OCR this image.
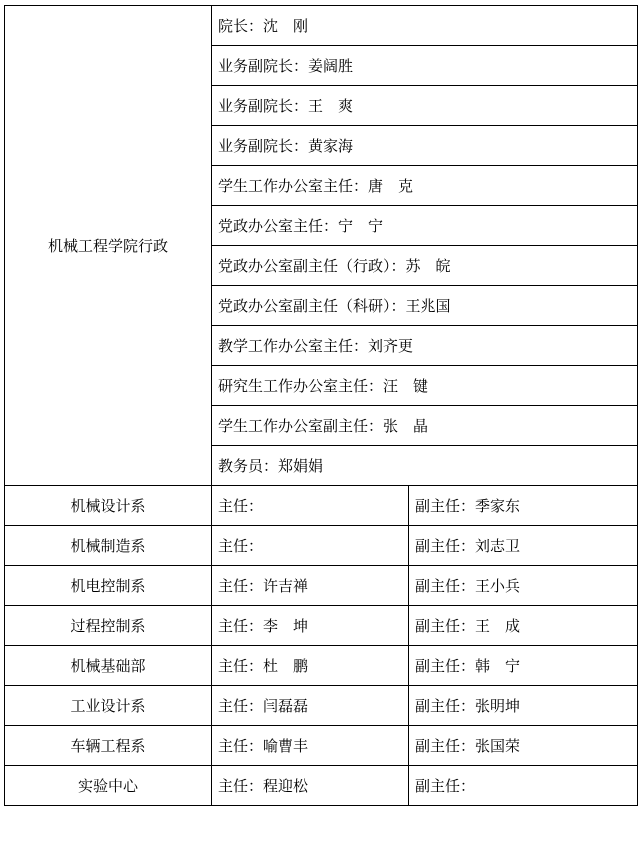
机械工程学院行政	院长：沈　刚	
	业务副院长：姜阔胜	
	业务副院长：王　爽	
	业务副院长：黄家海	
	学生工作办公室主任：唐　克	
	党政办公室主任：宁　宁	
	党政办公室副主任（行政）：苏　皖	
	党政办公室副主任（科研）：王兆国	
	教学工作办公室主任：刘齐更	
	研究生工作办公室主任：汪　键	
	学生工作办公室副主任：张　晶	
	教务员：郑娟娟	
机械设计系	主任：	副主任：季家东
机械制造系	主任：	副主任：刘志卫
机电控制系	主任：许吉禅	副主任：王小兵
过程控制系	主任：李　坤	副主任：王　成
机械基础部	主任：杜　鹏	副主任：韩　宁
工业设计系	主任：闫磊磊	副主任：张明坤
车辆工程系	主任：喻曹丰	副主任：张国荣
实验中心	主任：程迎松	副主任：
